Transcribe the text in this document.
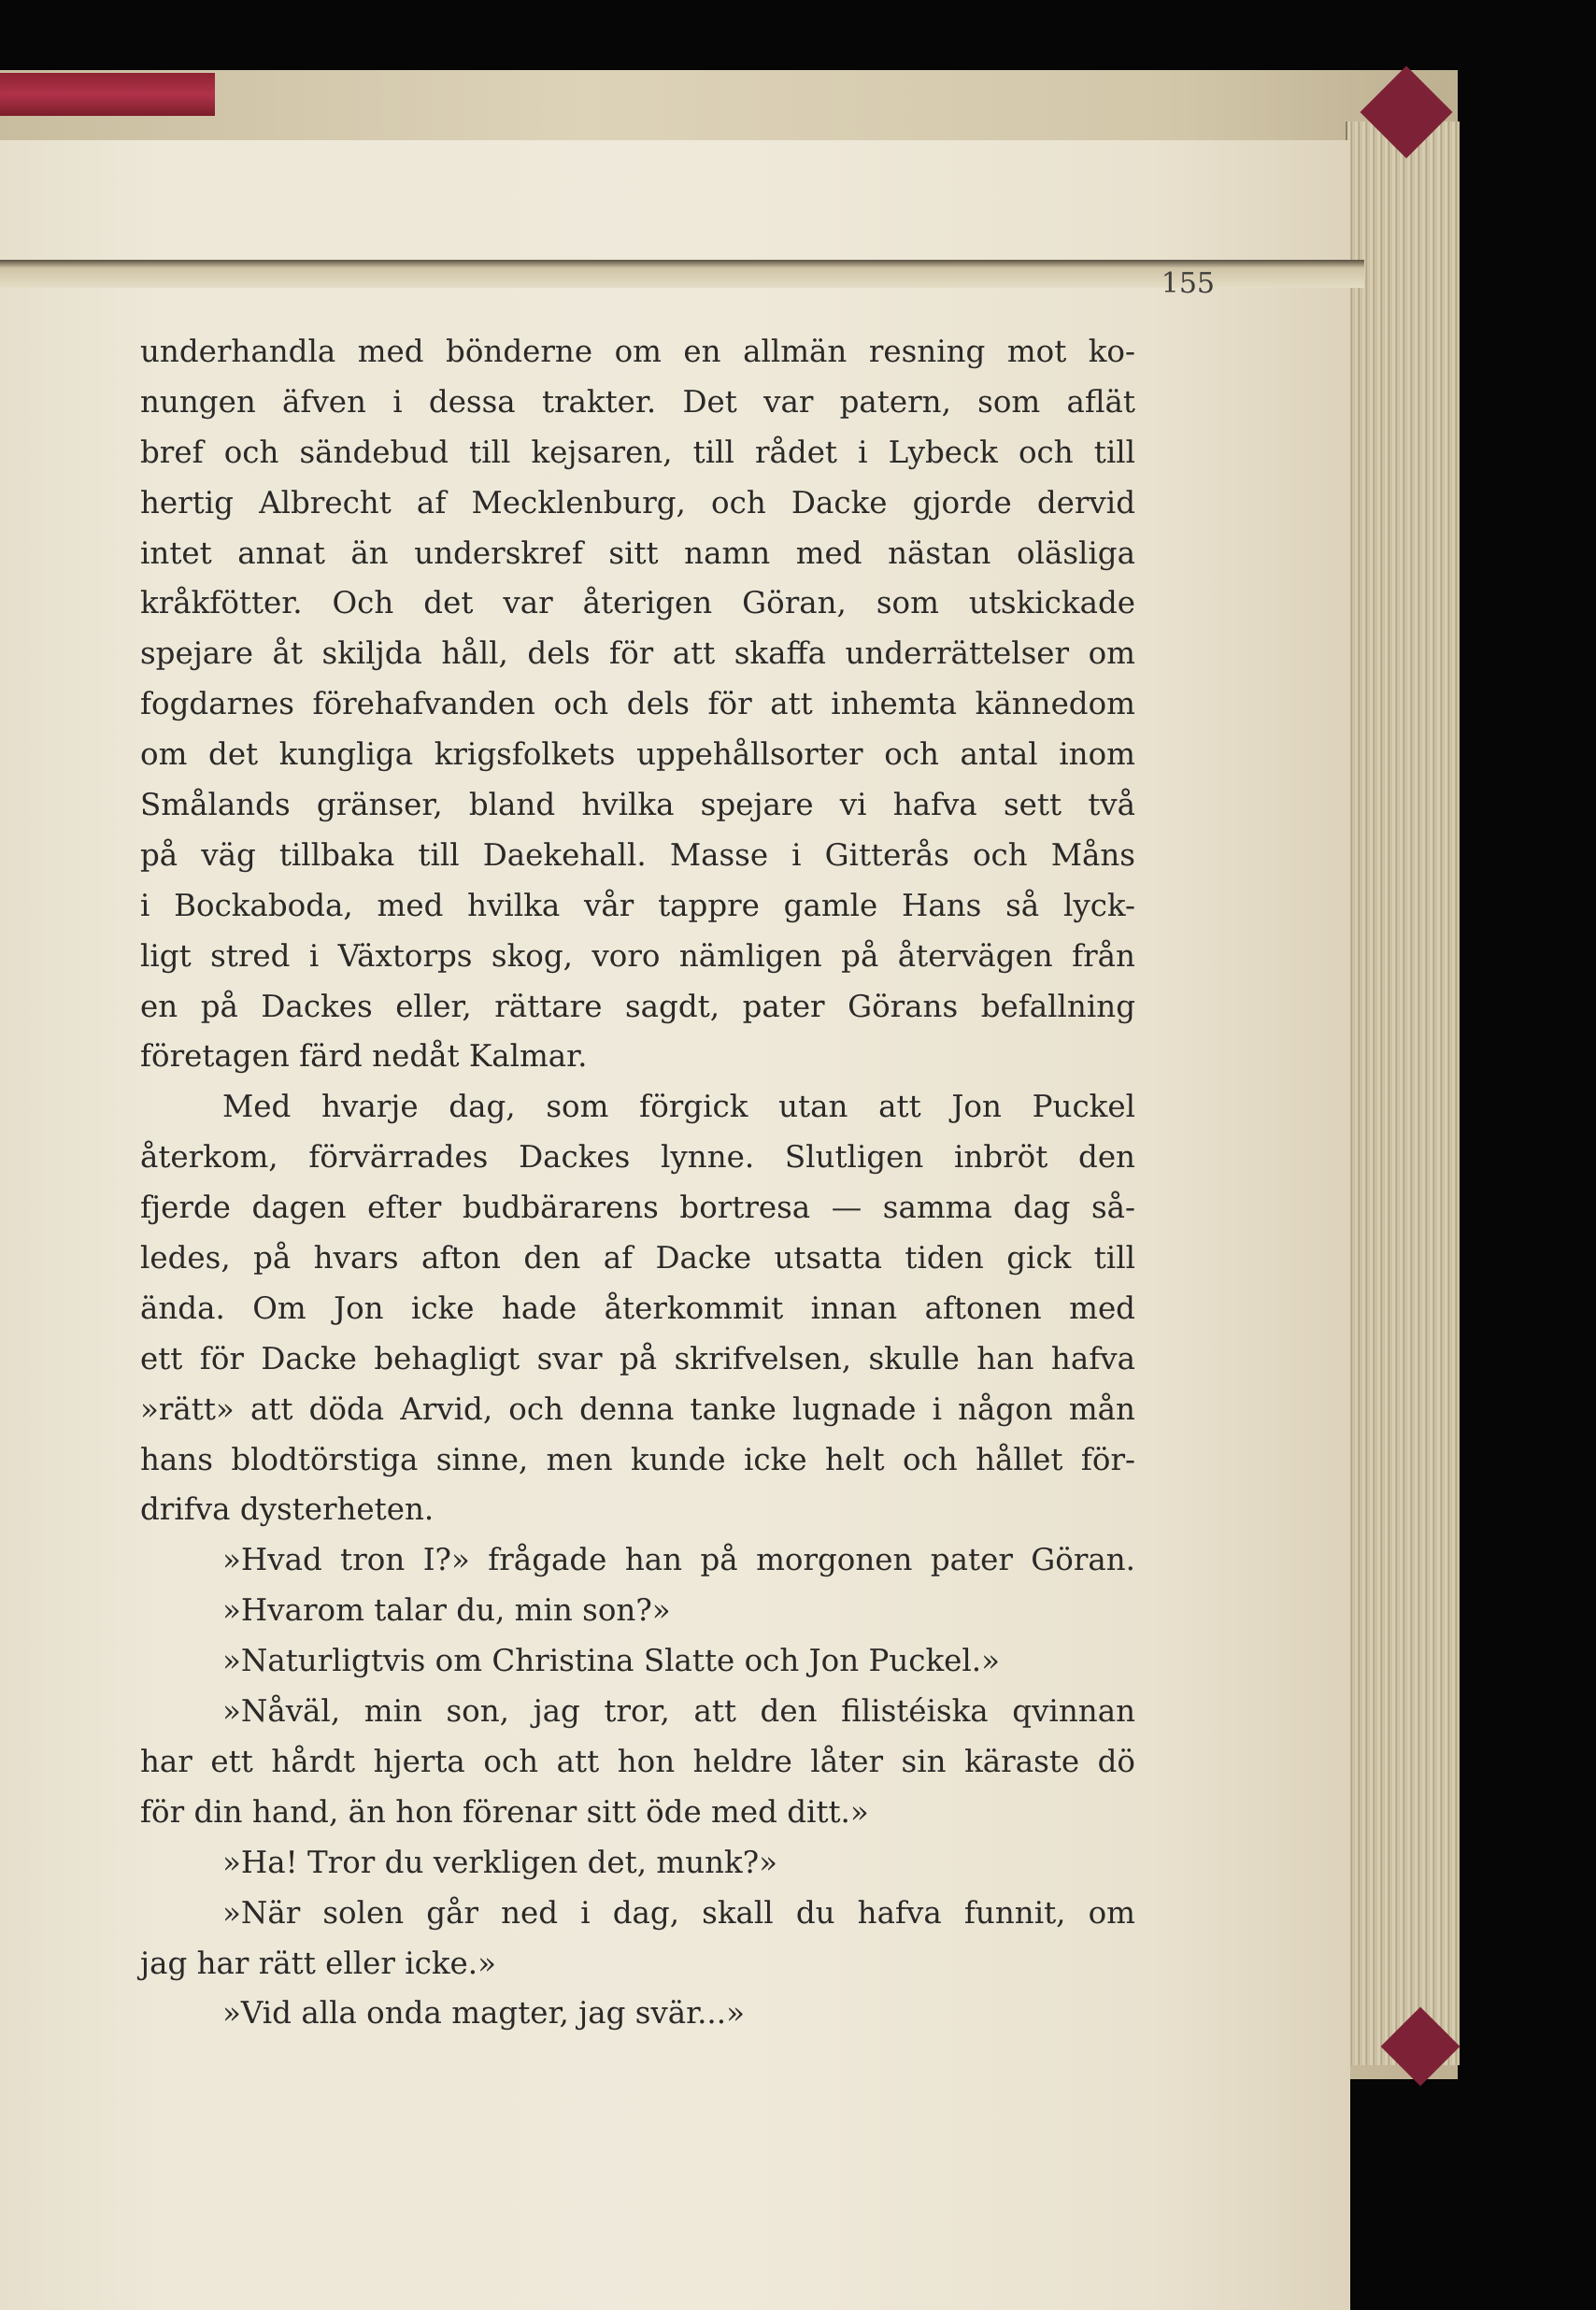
155
underhandla med bönderne om en allmän resning mot ko-
nungen äfven i dessa trakter. Det var patern, som aflät
bref och sändebud till kejsaren, till rådet i Lybeck och till
hertig Albrecht af Mecklenburg, och Dacke gjorde dervid
intet annat än underskref sitt namn med nästan oläsliga
kråkfötter. Och det var återigen Göran, som utskickade
spejare åt skiljda håll, dels för att skaffa underrättelser om
fogdarnes förehafvanden och dels för att inhemta kännedom
om det kungliga krigsfolkets uppehållsorter och antal inom
Smålands gränser, bland hvilka spejare vi hafva sett två
på väg tillbaka till Daekehall. Masse i Gitterås och Måns
i Bockaboda, med hvilka vår tappre gamle Hans så lyck-
ligt stred i Växtorps skog, voro nämligen på återvägen från
en på Dackes eller, rättare sagdt, pater Görans befallning
företagen färd nedåt Kalmar.
Med hvarje dag, som förgick utan att Jon Puckel
återkom, förvärrades Dackes lynne. Slutligen inbröt den
fjerde dagen efter budbärarens bortresa — samma dag så-
ledes, på hvars afton den af Dacke utsatta tiden gick till
ända. Om Jon icke hade återkommit innan aftonen med
ett för Dacke behagligt svar på skrifvelsen, skulle han hafva
»rätt» att döda Arvid, och denna tanke lugnade i någon mån
hans blodtörstiga sinne, men kunde icke helt och hållet för-
drifva dysterheten.
»Hvad tron I?» frågade han på morgonen pater Göran.
»Hvarom talar du, min son?»
»Naturligtvis om Christina Slatte och Jon Puckel.»
»Nåväl, min son, jag tror, att den filistéiska qvinnan
har ett hårdt hjerta och att hon heldre låter sin käraste dö
för din hand, än hon förenar sitt öde med ditt.»
»Ha! Tror du verkligen det, munk?»
»När solen går ned i dag, skall du hafva funnit, om
jag har rätt eller icke.»
»Vid alla onda magter, jag svär...»
